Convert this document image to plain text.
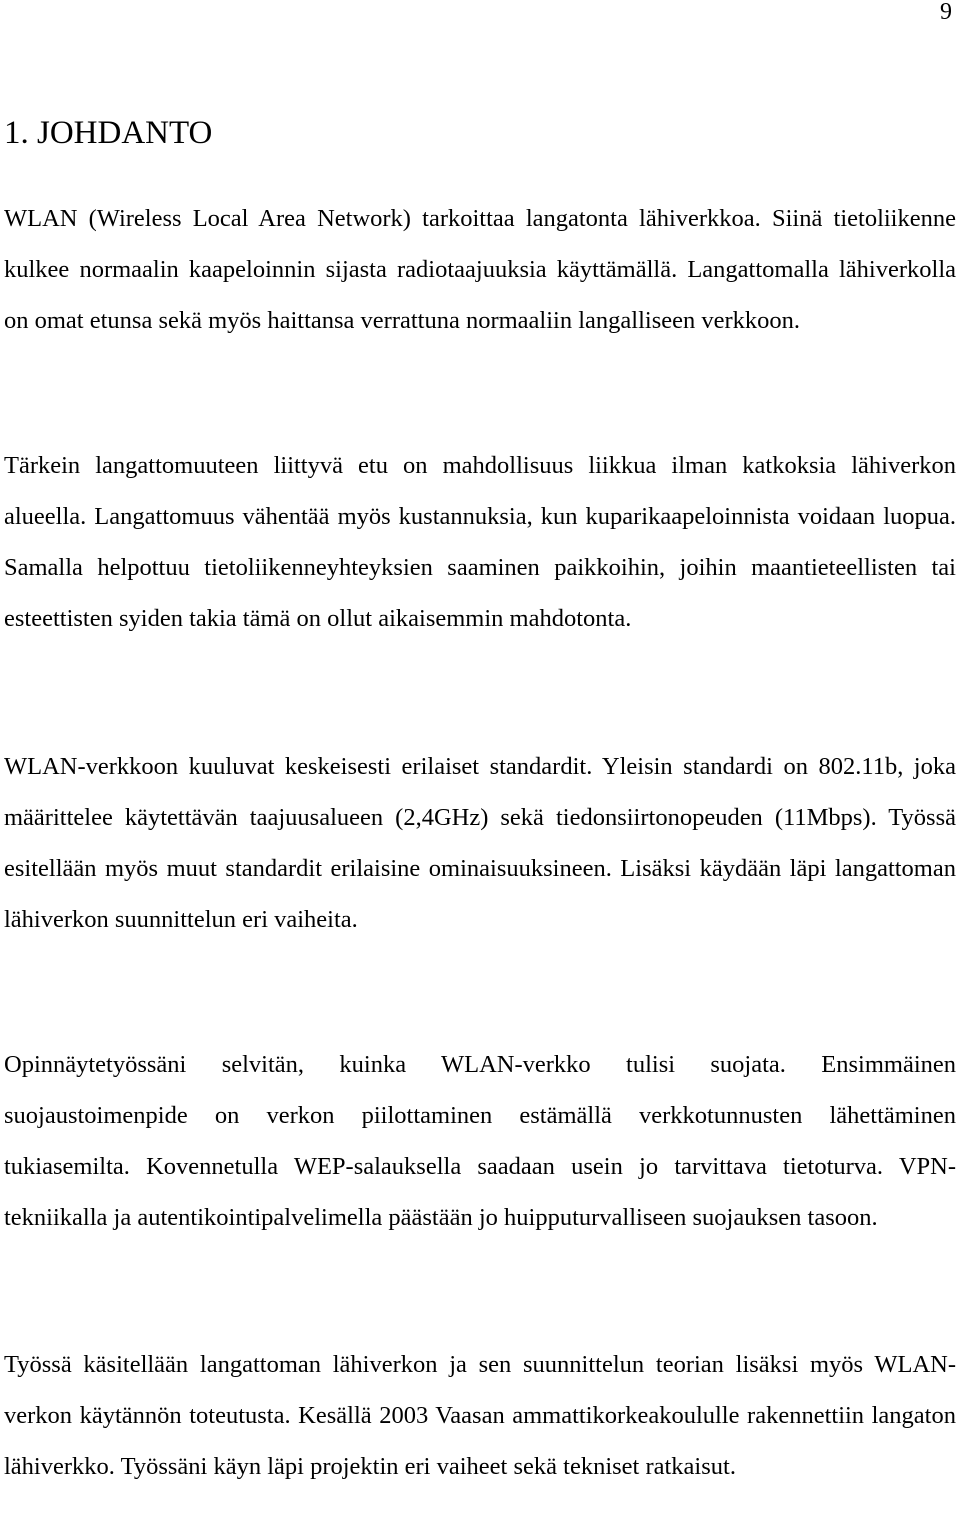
9
1. JOHDANTO

WLAN (Wireless Local Area Network) tarkoittaa langatonta lähiverkkoa. Siinä tietoliikenne kulkee normaalin kaapeloinnin sijasta radiotaajuuksia käyttämällä. Langattomalla lähiverkolla on omat etunsa sekä myös haittansa verrattuna normaaliin langalliseen verkkoon.

Tärkein langattomuuteen liittyvä etu on mahdollisuus liikkua ilman katkoksia lähiverkon alueella. Langattomuus vähentää myös kustannuksia, kun kuparikaapeloinnista voidaan luopua. Samalla helpottuu tietoliikenneyhteyksien saaminen paikkoihin, joihin maantieteellisten tai esteettisten syiden takia tämä on ollut aikaisemmin mahdotonta.

WLAN-verkkoon kuuluvat keskeisesti erilaiset standardit. Yleisin standardi on 802.11b, joka määrittelee käytettävän taajuusalueen (2,4GHz) sekä tiedonsiirtonopeuden (11Mbps). Työssä esitellään myös muut standardit erilaisine ominaisuuksineen. Lisäksi käydään läpi langattoman lähiverkon suunnittelun eri vaiheita.

Opinnäytetyössäni selvitän, kuinka WLAN-verkko tulisi suojata. Ensimmäinen suojaustoimenpide on verkon piilottaminen estämällä verkkotunnusten lähettäminen tukiasemilta. Kovennetulla WEP-salauksella saadaan usein jo tarvittava tietoturva. VPN-tekniikalla ja autentikointipalvelimella päästään jo huipputurvalliseen suojauksen tasoon.

Työssä käsitellään langattoman lähiverkon ja sen suunnittelun teorian lisäksi myös WLAN-verkon käytännön toteutusta. Kesällä 2003 Vaasan ammattikorkeakoululle rakennettiin langaton lähiverkko. Työssäni käyn läpi projektin eri vaiheet sekä tekniset ratkaisut.
